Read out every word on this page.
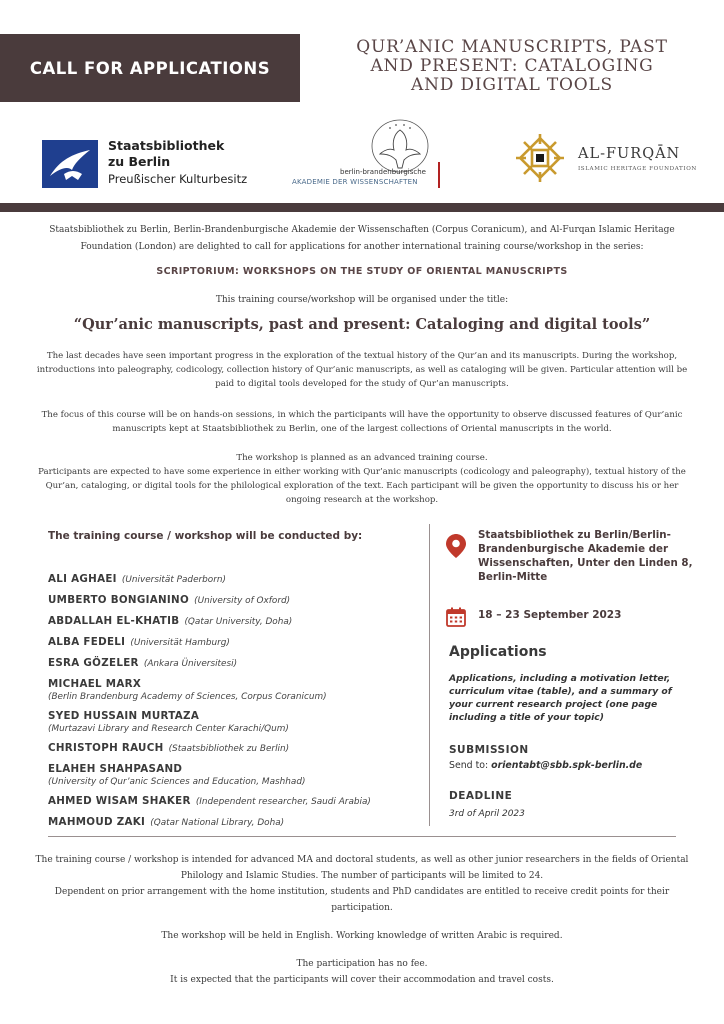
CALL FOR APPLICATIONS
QUR’ANIC MANUSCRIPTS, PAST
AND PRESENT: CATALOGING
AND DIGITAL TOOLS
Staatsbibliothek
zu Berlin
Preußischer Kulturbesitz	berlin-brandenburgische
AKADEMIE DER WISSENSCHAFTEN
AL-FURQĀN
ISLAMIC HERITAGE FOUNDATION
Staatsbibliothek zu Berlin, Berlin-Brandenburgische Akademie der Wissenschaften (Corpus Coranicum), and Al-Furqan Islamic Heritage Foundation (London) are delighted to call for applications for another international training course/workshop in the series:
SCRIPTORIUM: WORKSHOPS ON THE STUDY OF ORIENTAL MANUSCRIPTS
This training course/workshop will be organised under the title:
“Qur’anic manuscripts, past and present: Cataloging and digital tools”
The last decades have seen important progress in the exploration of the textual history of the Qur’an and its manuscripts. During the workshop, introductions into paleography, codicology, collection history of Qur’anic manuscripts, as well as cataloging will be given. Particular attention will be paid to digital tools developed for the study of Qur’an manuscripts.
The focus of this course will be on hands-on sessions, in which the participants will have the opportunity to observe discussed features of Qur’anic manuscripts kept at Staatsbibliothek zu Berlin, one of the largest collections of Oriental manuscripts in the world.
The workshop is planned as an advanced training course.
Participants are expected to have some experience in either working with Qur’anic manuscripts (codicology and paleography), textual history of the Qur’an, cataloging, or digital tools for the philological exploration of the text. Each participant will be given the opportunity to discuss his or her ongoing research at the workshop.
The training course / workshop will be conducted by:
ALI AGHAEI (Universität Paderborn)
UMBERTO BONGIANINO (University of Oxford)
ABDALLAH EL-KHATIB (Qatar University, Doha)
ALBA FEDELI (Universität Hamburg)
ESRA GÖZELER (Ankara Üniversitesi)
MICHAEL MARX
(Berlin Brandenburg Academy of Sciences, Corpus Coranicum)
SYED HUSSAIN MURTAZA
(Murtazavi Library and Research Center Karachi/Qum)
CHRISTOPH RAUCH (Staatsbibliothek zu Berlin)
ELAHEH SHAHPASAND
(University of Qur’anic Sciences and Education, Mashhad)
AHMED WISAM SHAKER (Independent researcher, Saudi Arabia)
MAHMOUD ZAKI (Qatar National Library, Doha)
Staatsbibliothek zu Berlin/Berlin-Brandenburgische Akademie der Wissenschaften, Unter den Linden 8, Berlin-Mitte
18 – 23 September 2023
Applications
Applications, including a motivation letter, curriculum vitae (table), and a summary of your current research project (one page including a title of your topic)
SUBMISSION
Send to: orientabt@sbb.spk-berlin.de
DEADLINE
3rd of April 2023
The training course / workshop is intended for advanced MA and doctoral students, as well as other junior researchers in the fields of Oriental Philology and Islamic Studies. The number of participants will be limited to 24.
Dependent on prior arrangement with the home institution, students and PhD candidates are entitled to receive credit points for their participation.
The workshop will be held in English. Working knowledge of written Arabic is required.
The participation has no fee.
It is expected that the participants will cover their accommodation and travel costs.
